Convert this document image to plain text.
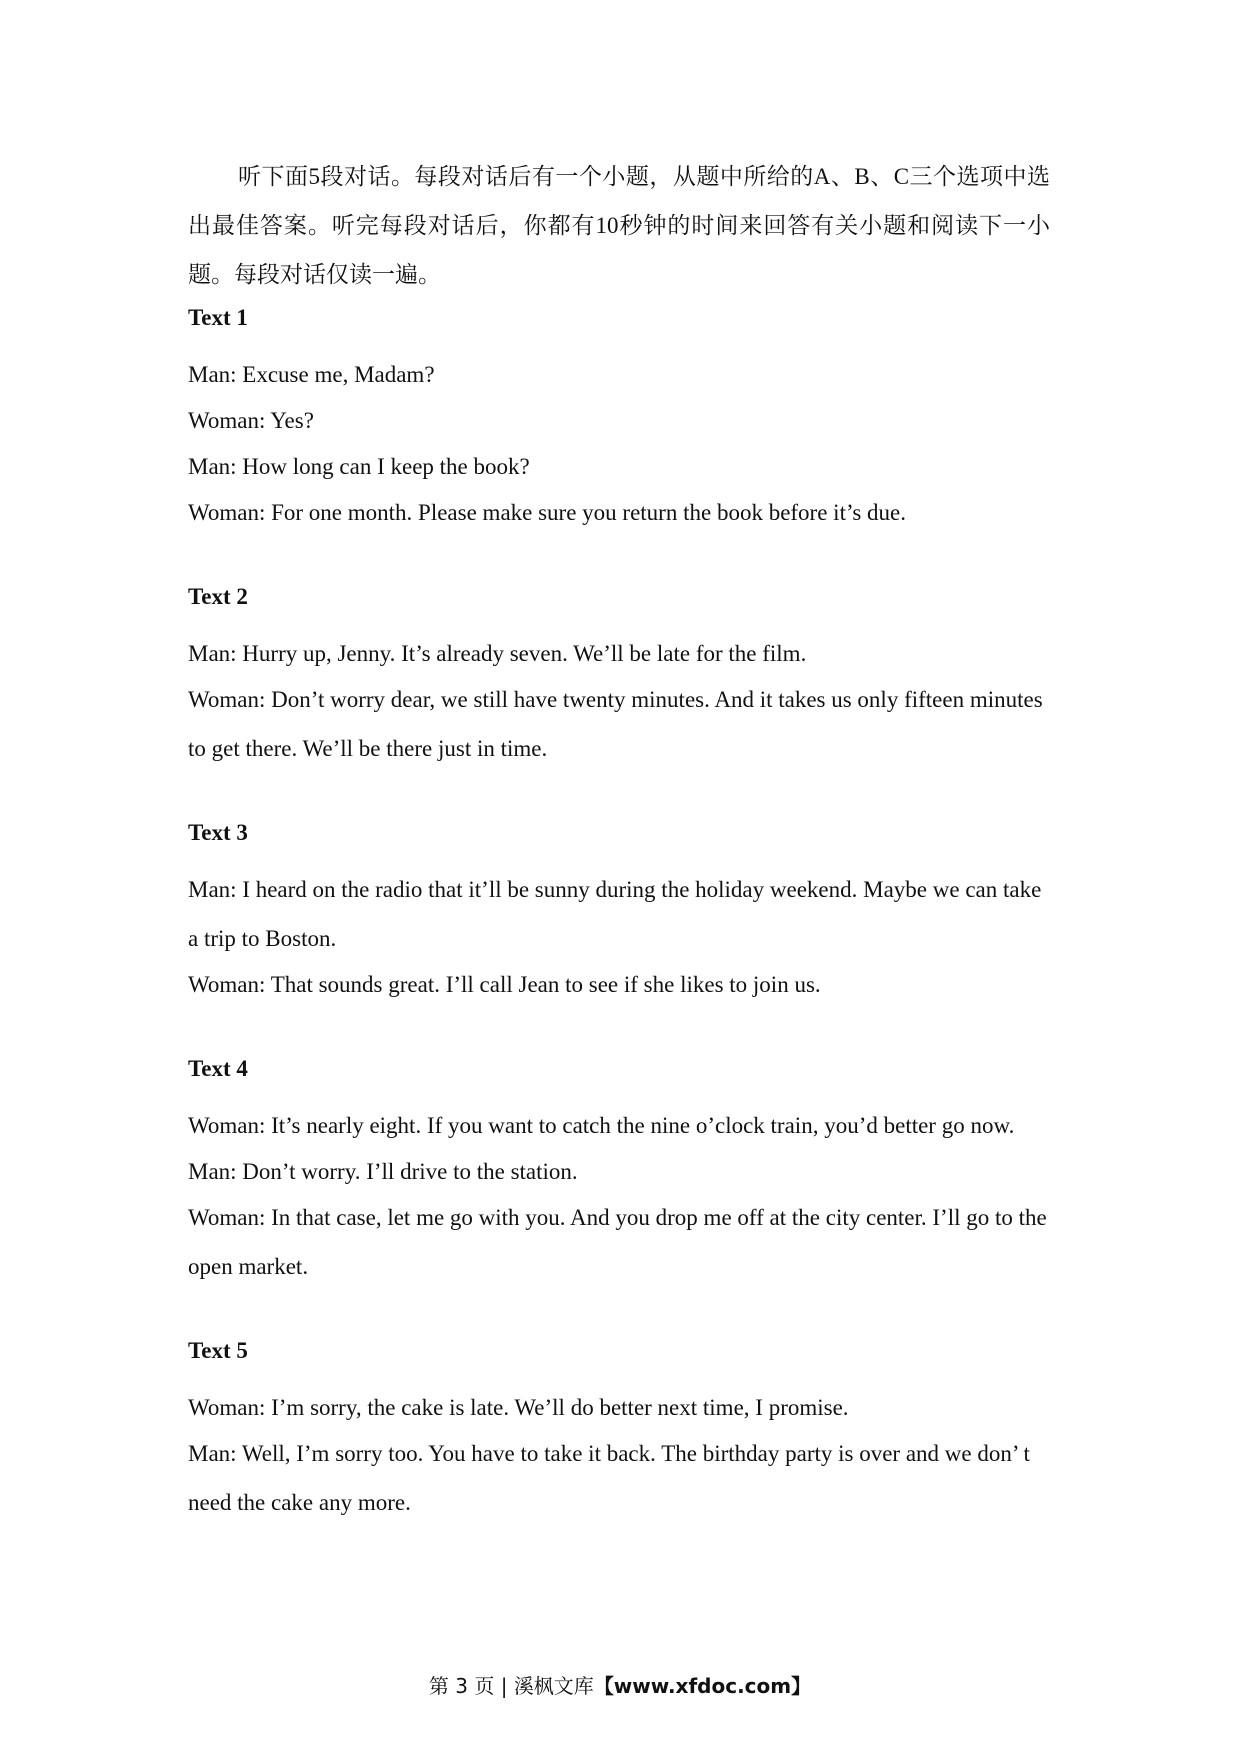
听下面5段对话。每段对话后有一个小题，从题中所给的A、B、C三个选项中选出最佳答案。听完每段对话后，你都有10秒钟的时间来回答有关小题和阅读下一小题。每段对话仅读一遍。

Text 1

Man: Excuse me, Madam?

Woman: Yes?

Man: How long can I keep the book?

Woman: For one month. Please make sure you return the book before it’s due.

Text 2

Man: Hurry up, Jenny. It’s already seven. We’ll be late for the film.

Woman: Don’t worry dear, we still have twenty minutes. And it takes us only fifteen minutes to get there. We’ll be there just in time.

Text 3

Man: I heard on the radio that it’ll be sunny during the holiday weekend. Maybe we can take a trip to Boston.

Woman: That sounds great. I’ll call Jean to see if she likes to join us.

Text 4

Woman: It’s nearly eight. If you want to catch the nine o’clock train, you’d better go now.

Man: Don’t worry. I’ll drive to the station.

Woman: In that case, let me go with you. And you drop me off at the city center. I’ll go to the open market.

Text 5

Woman: I’m sorry, the cake is late. We’ll do better next time, I promise.

Man: Well, I’m sorry too. You have to take it back. The birthday party is over and we don’ t need the cake any more.

第 3 页 | 溪枫文库【www.xfdoc.com】
